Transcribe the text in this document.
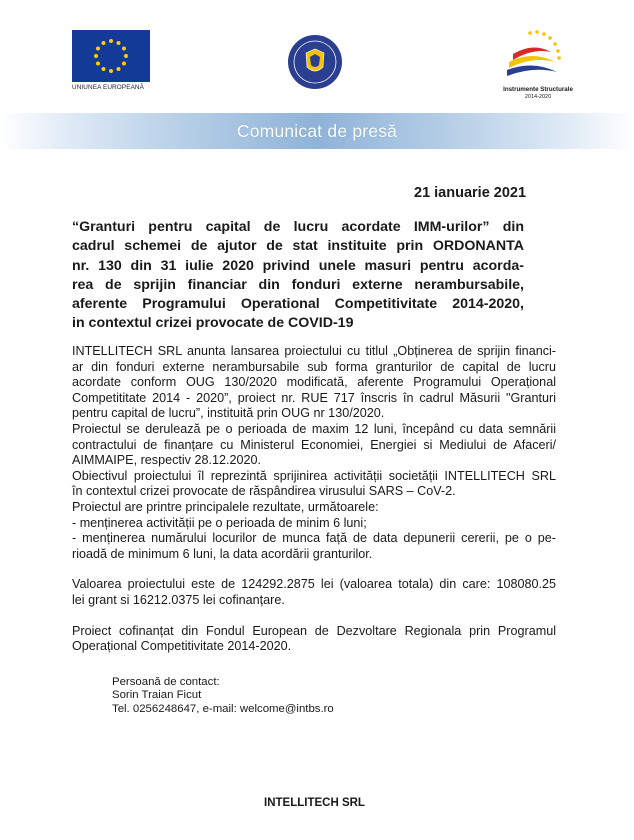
UNIUNEA EUROPEANĂ	Instrumente Structurale
2014-2020
Comunicat de presă
21 ianuarie 2021
“Granturi pentru capital de lucru acordate IMM-urilor” din
cadrul schemei de ajutor de stat instituite prin ORDONANTA
nr. 130 din 31 iulie 2020 privind unele masuri pentru acorda-
rea de sprijin financiar din fonduri externe nerambursabile,
aferente Programului Operational Competitivitate 2014-2020,
in contextul crizei provocate de COVID-19
INTELLITECH SRL anunta lansarea proiectului cu titlul „Obținerea de sprijin financi-
ar din fonduri externe nerambursabile sub forma granturilor de capital de lucru
acordate conform OUG 130/2020 modificată, aferente Programului Operațional
Competititate 2014 - 2020”, proiect nr. RUE 717 înscris în cadrul Măsurii "Granturi
pentru capital de lucru”, instituită prin OUG nr 130/2020.
Proiectul se derulează pe o perioada de maxim 12 luni, începând cu data semnării
contractului de finanțare cu Ministerul Economiei, Energiei si Mediului de Afaceri/
AIMMAIPE, respectiv 28.12.2020.
Obiectivul proiectului îl reprezintă sprijinirea activității societății INTELLITECH SRL
în contextul crizei provocate de răspândirea virusului SARS – CoV-2.
Proiectul are printre principalele rezultate, următoarele:
- menținerea activității pe o perioada de minim 6 luni;
- menținerea numărului locurilor de munca față de data depunerii cererii, pe o pe-
rioadă de minimum 6 luni, la data acordării granturilor.
Valoarea proiectului este de 124292.2875 lei (valoarea totala) din care: 108080.25
lei grant si 16212.0375 lei cofinanțare.
Proiect cofinanțat din Fondul European de Dezvoltare Regionala prin Programul
Operațional Competitivitate 2014-2020.
Persoană de contact:
Sorin Traian Ficut
Tel. 0256248647, e-mail: welcome@intbs.ro
INTELLITECH SRL
